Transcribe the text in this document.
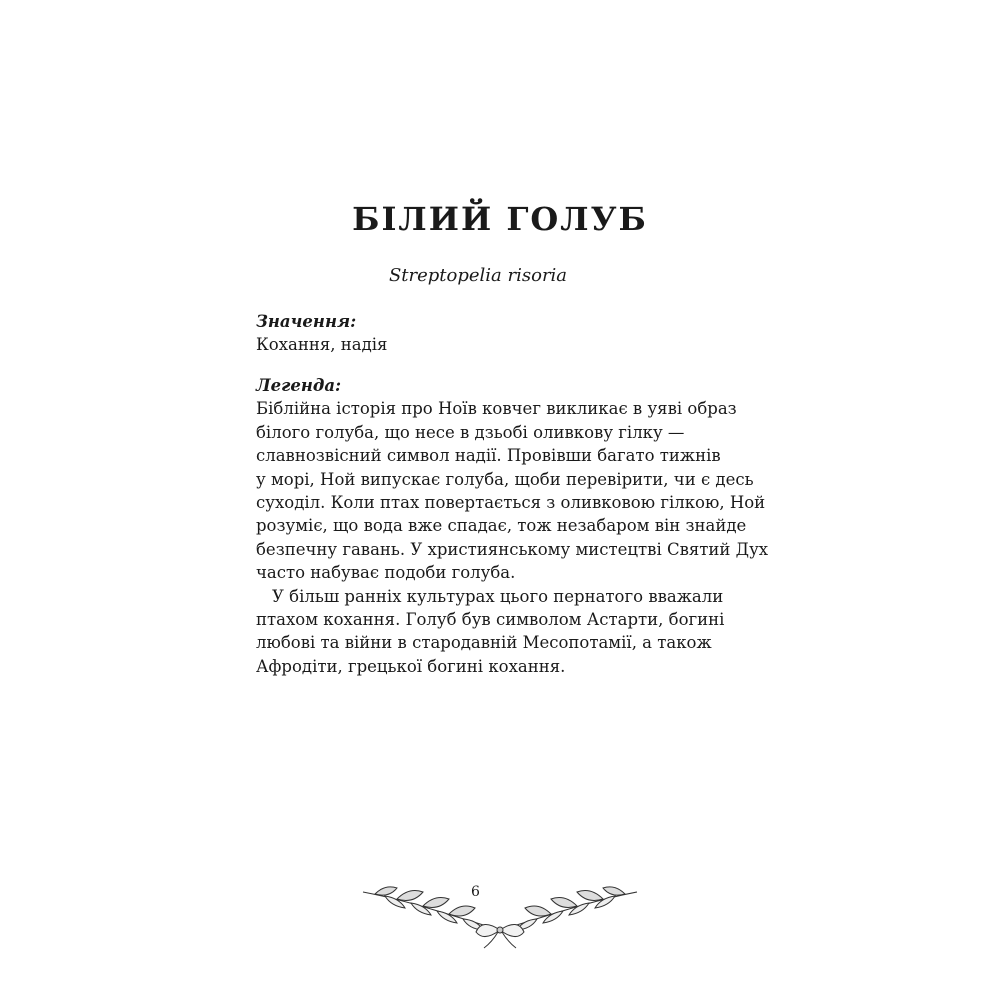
БІЛИЙ ГОЛУБ

Streptopelia risoria

Значення:
Кохання, надія
Легенда:
Біблійна історія про Ноїв ковчег викликає в уяві образ
білого голуба, що несе в дзьобі оливкову гілку —
славнозвісний символ надії. Провівши багато тижнів
у морі, Ной випускає голуба, щоби перевірити, чи є десь
суходіл. Коли птах повертається з оливковою гілкою, Ной
розуміє, що вода вже спадає, тож незабаром він знайде
безпечну гавань. У християнському мистецтві Святий Дух
часто набуває подоби голуба.
У більш ранніх культурах цього пернатого вважали
птахом кохання. Голуб був символом Астарти, богині
любові та війни в стародавній Месопотамії, а також
Афродіти, грецької богині кохання.
6
